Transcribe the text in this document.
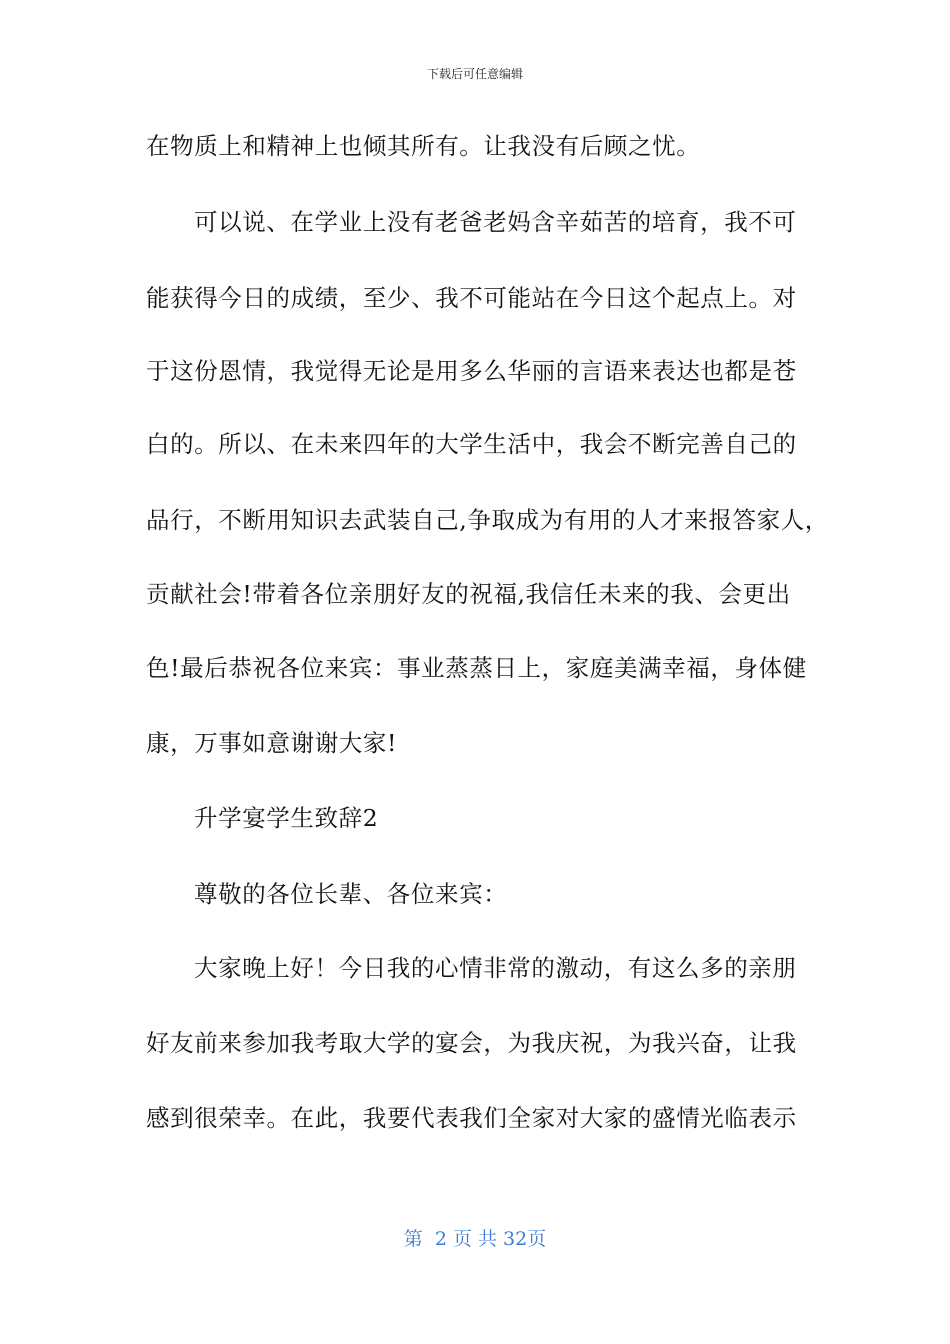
下载后可任意编辑
在物质上和精神上也倾其所有。让我没有后顾之忧。
可以说、在学业上没有老爸老妈含辛茹苦的培育，我不可
能获得今日的成绩，至少、我不可能站在今日这个起点上。对
于这份恩情，我觉得无论是用多么华丽的言语来表达也都是苍
白的。所以、在未来四年的大学生活中，我会不断完善自己的
品行，不断用知识去武装自己,争取成为有用的人才来报答家人，
贡献社会!带着各位亲朋好友的祝福,我信任未来的我、会更出
色!最后恭祝各位来宾：事业蒸蒸日上，家庭美满幸福，身体健
康，万事如意谢谢大家!
升学宴学生致辞2
尊敬的各位长辈、各位来宾：
大家晚上好！今日我的心情非常的激动，有这么多的亲朋
好友前来参加我考取大学的宴会，为我庆祝，为我兴奋，让我
感到很荣幸。在此，我要代表我们全家对大家的盛情光临表示
第  2 页 共 32页
